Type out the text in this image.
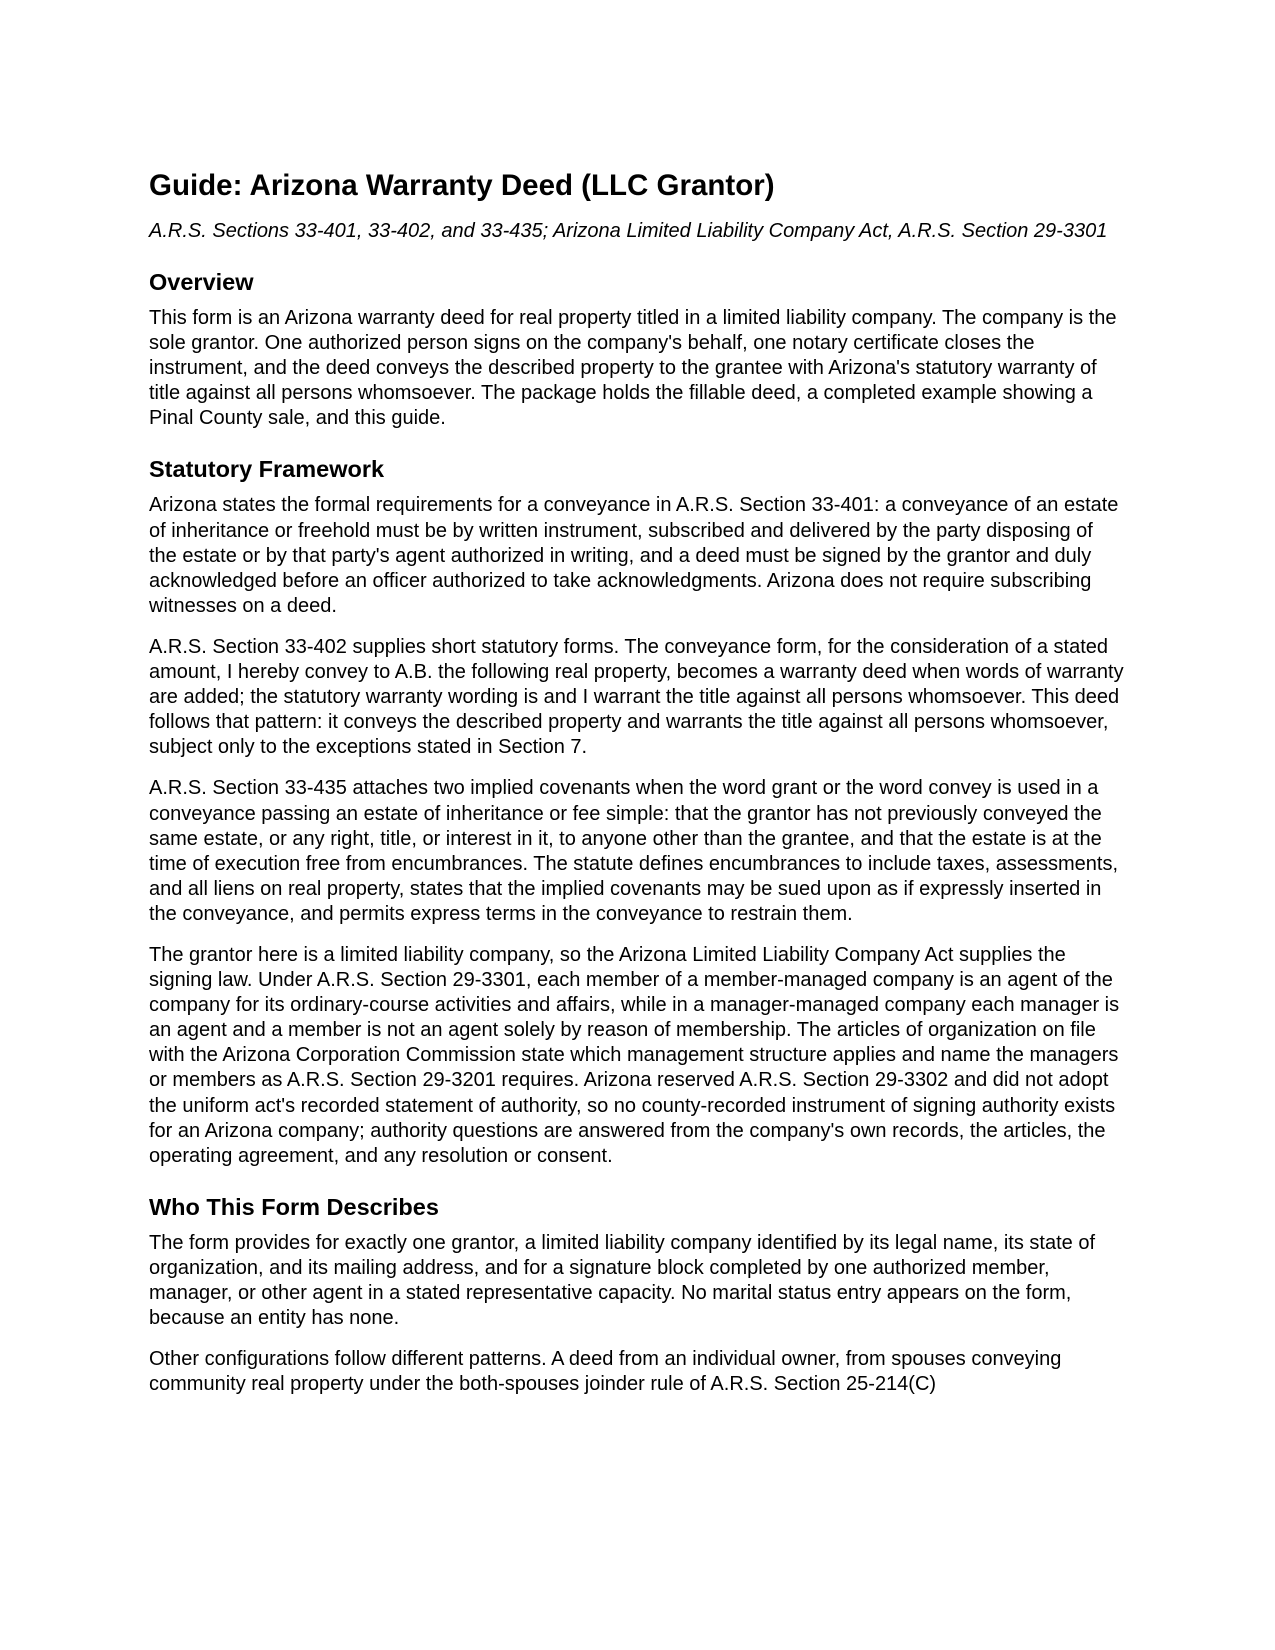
Guide: Arizona Warranty Deed (LLC Grantor)

A.R.S. Sections 33-401, 33-402, and 33-435; Arizona Limited Liability Company Act, A.R.S. Section 29-3301

Overview

This form is an Arizona warranty deed for real property titled in a limited liability company. The company is the sole grantor. One authorized person signs on the company's behalf, one notary certificate closes the instrument, and the deed conveys the described property to the grantee with Arizona's statutory warranty of title against all persons whomsoever. The package holds the fillable deed, a completed example showing a Pinal County sale, and this guide.

Statutory Framework

Arizona states the formal requirements for a conveyance in A.R.S. Section 33-401: a conveyance of an estate of inheritance or freehold must be by written instrument, subscribed and delivered by the party disposing of the estate or by that party's agent authorized in writing, and a deed must be signed by the grantor and duly acknowledged before an officer authorized to take acknowledgments. Arizona does not require subscribing witnesses on a deed.

A.R.S. Section 33-402 supplies short statutory forms. The conveyance form, for the consideration of a stated amount, I hereby convey to A.B. the following real property, becomes a warranty deed when words of warranty are added; the statutory warranty wording is and I warrant the title against all persons whomsoever. This deed follows that pattern: it conveys the described property and warrants the title against all persons whomsoever, subject only to the exceptions stated in Section 7.

A.R.S. Section 33-435 attaches two implied covenants when the word grant or the word convey is used in a conveyance passing an estate of inheritance or fee simple: that the grantor has not previously conveyed the same estate, or any right, title, or interest in it, to anyone other than the grantee, and that the estate is at the time of execution free from encumbrances. The statute defines encumbrances to include taxes, assessments, and all liens on real property, states that the implied covenants may be sued upon as if expressly inserted in the conveyance, and permits express terms in the conveyance to restrain them.

The grantor here is a limited liability company, so the Arizona Limited Liability Company Act supplies the signing law. Under A.R.S. Section 29-3301, each member of a member-managed company is an agent of the company for its ordinary-course activities and affairs, while in a manager-managed company each manager is an agent and a member is not an agent solely by reason of membership. The articles of organization on file with the Arizona Corporation Commission state which management structure applies and name the managers or members as A.R.S. Section 29-3201 requires. Arizona reserved A.R.S. Section 29-3302 and did not adopt the uniform act's recorded statement of authority, so no county-recorded instrument of signing authority exists for an Arizona company; authority questions are answered from the company's own records, the articles, the operating agreement, and any resolution or consent.

Who This Form Describes

The form provides for exactly one grantor, a limited liability company identified by its legal name, its state of organization, and its mailing address, and for a signature block completed by one authorized member, manager, or other agent in a stated representative capacity. No marital status entry appears on the form, because an entity has none.

Other configurations follow different patterns. A deed from an individual owner, from spouses conveying community real property under the both-spouses joinder rule of A.R.S. Section 25-214(C)
